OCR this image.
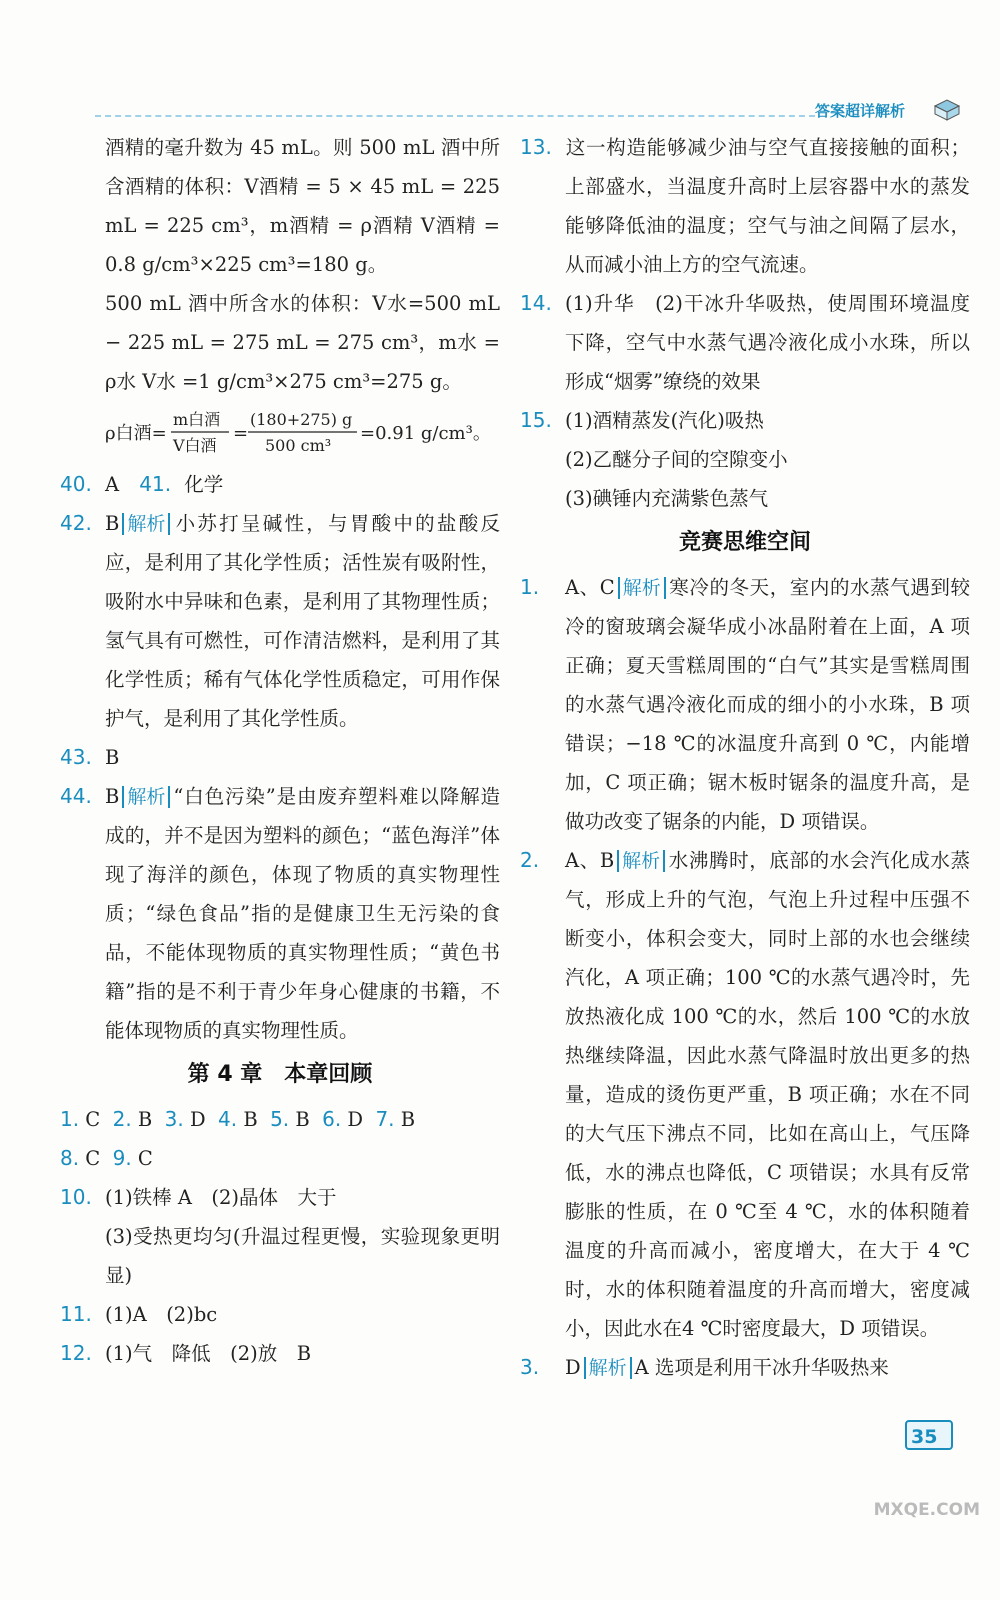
答案超详解析

酒精的毫升数为 45 mL。则 500 mL 酒中所含酒精的体积：V酒精 = 5 × 45 mL = 225 mL = 225 cm³，m酒精 = ρ酒精 V酒精 = 0.8 g/cm³×225 cm³=180 g。

500 mL 酒中所含水的体积：V水=500 mL − 225 mL = 275 mL = 275 cm³，m水 = ρ水 V水 =1 g/cm³×275 cm³=275 g。

ρ白酒=
m白酒
V白酒
=
(180+275) g
500 cm³
=0.91 g/cm³。

40. A 41. 化学

42. B 解析 小苏打呈碱性，与胃酸中的盐酸反应，是利用了其化学性质；活性炭有吸附性，吸附水中异味和色素，是利用了其物理性质；氢气具有可燃性，可作清洁燃料，是利用了其化学性质；稀有气体化学性质稳定，可用作保护气，是利用了其化学性质。

43. B

44. B 解析 “白色污染”是由废弃塑料难以降解造成的，并不是因为塑料的颜色；“蓝色海洋”体现了海洋的颜色，体现了物质的真实物理性质；“绿色食品”指的是健康卫生无污染的食品，不能体现物质的真实物理性质；“黄色书籍”指的是不利于青少年身心健康的书籍，不能体现物质的真实物理性质。

第 4 章　本章回顾

1. C 2. B 3. D 4. B 5. B 6. D 7. B

8. C 9. C

10. (1)铁棒 A　(2)晶体　大于

(3)受热更均匀(升温过程更慢，实验现象更明显)

11. (1)A　(2)bc

12. (1)气　降低　(2)放　B

13. 这一构造能够减少油与空气直接接触的面积；上部盛水，当温度升高时上层容器中水的蒸发能够降低油的温度；空气与油之间隔了层水，从而减小油上方的空气流速。

14. (1)升华　(2)干冰升华吸热，使周围环境温度下降，空气中水蒸气遇冷液化成小水珠，所以形成“烟雾”缭绕的效果

15. (1)酒精蒸发(汽化)吸热

(2)乙醚分子间的空隙变小

(3)碘锤内充满紫色蒸气

竞赛思维空间

1. A、C 解析 寒冷的冬天，室内的水蒸气遇到较冷的窗玻璃会凝华成小冰晶附着在上面，A 项正确；夏天雪糕周围的“白气”其实是雪糕周围的水蒸气遇冷液化而成的细小的小水珠，B 项错误；−18 ℃的冰温度升高到 0 ℃，内能增加，C 项正确；锯木板时锯条的温度升高，是做功改变了锯条的内能，D 项错误。

2. A、B 解析 水沸腾时，底部的水会汽化成水蒸气，形成上升的气泡，气泡上升过程中压强不断变小，体积会变大，同时上部的水也会继续汽化，A 项正确；100 ℃的水蒸气遇冷时，先放热液化成 100 ℃的水，然后 100 ℃的水放热继续降温，因此水蒸气降温时放出更多的热量，造成的烫伤更严重，B 项正确；水在不同的大气压下沸点不同，比如在高山上，气压降低，水的沸点也降低，C 项错误；水具有反常膨胀的性质，在 0 ℃至 4 ℃，水的体积随着温度的升高而减小，密度增大，在大于 4 ℃时，水的体积随着温度的升高而增大，密度减小，因此水在4 ℃时密度最大，D 项错误。

3. D 解析 A 选项是利用干冰升华吸热来

35
MXQE.COM
